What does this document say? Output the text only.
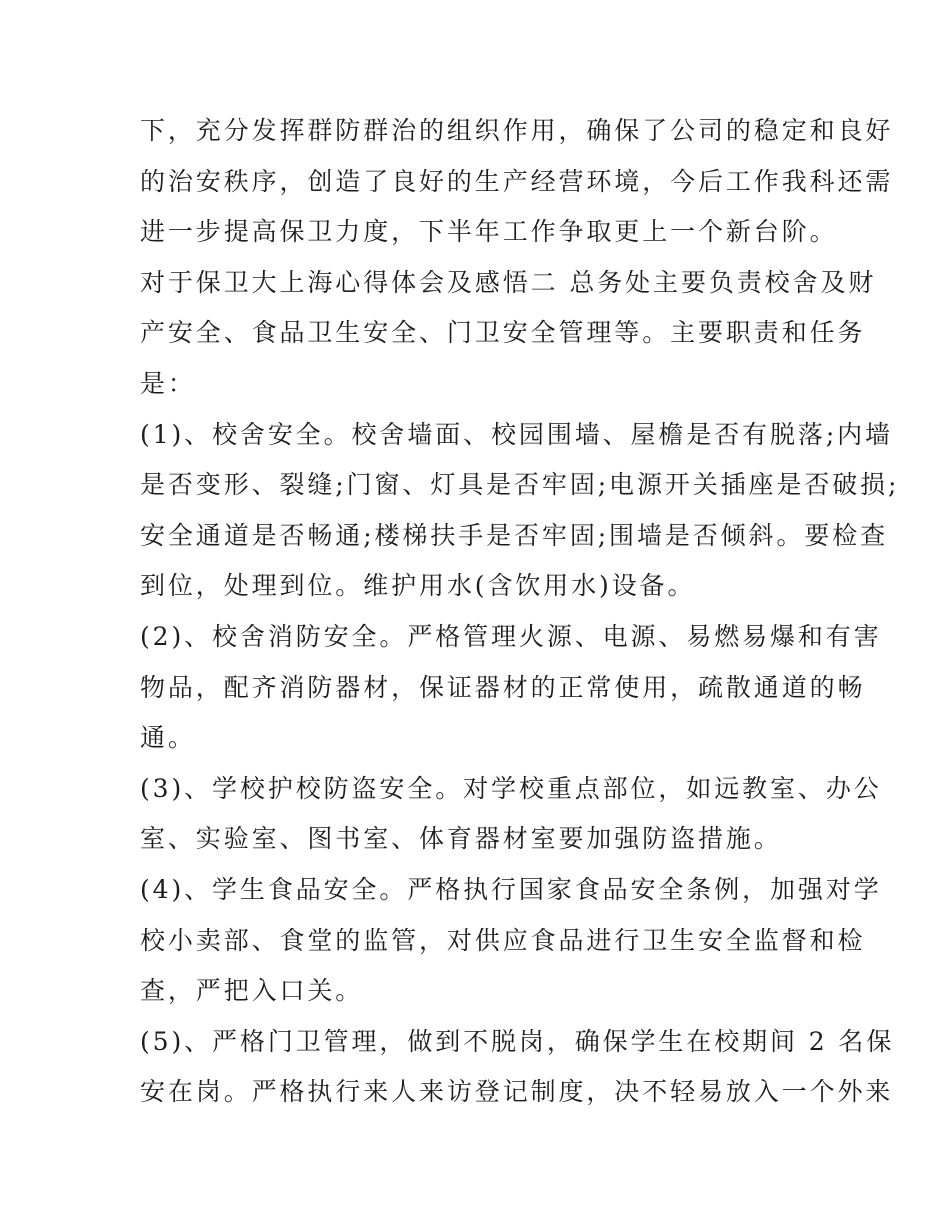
下，充分发挥群防群治的组织作用，确保了公司的稳定和良好
的治安秩序，创造了良好的生产经营环境，今后工作我科还需
进一步提高保卫力度，下半年工作争取更上一个新台阶。
对于保卫大上海心得体会及感悟二 总务处主要负责校舍及财
产安全、食品卫生安全、门卫安全管理等。主要职责和任务
是：
(1)、校舍安全。校舍墙面、校园围墙、屋檐是否有脱落;内墙
是否变形、裂缝;门窗、灯具是否牢固;电源开关插座是否破损;
安全通道是否畅通;楼梯扶手是否牢固;围墙是否倾斜。要检查
到位，处理到位。维护用水(含饮用水)设备。
(2)、校舍消防安全。严格管理火源、电源、易燃易爆和有害
物品，配齐消防器材，保证器材的正常使用，疏散通道的畅
通。
(3)、学校护校防盗安全。对学校重点部位，如远教室、办公
室、实验室、图书室、体育器材室要加强防盗措施。
(4)、学生食品安全。严格执行国家食品安全条例，加强对学
校小卖部、食堂的监管，对供应食品进行卫生安全监督和检
查，严把入口关。
(5)、严格门卫管理，做到不脱岗，确保学生在校期间 2 名保
安在岗。严格执行来人来访登记制度，决不轻易放入一个外来
